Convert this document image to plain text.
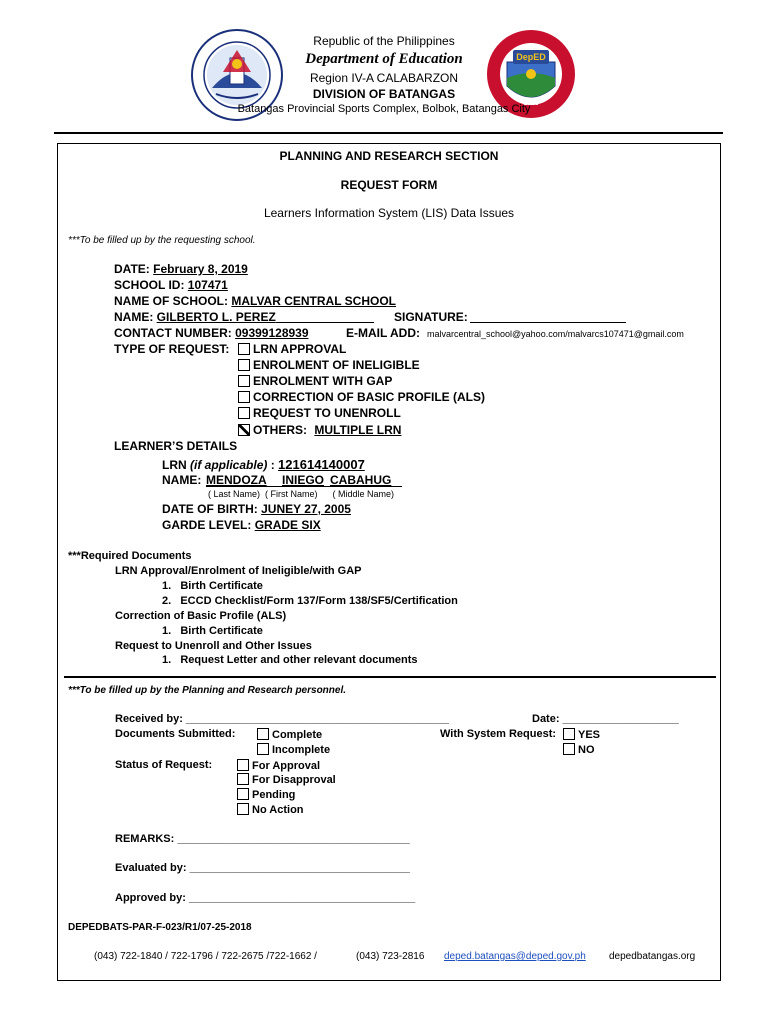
DepED
1925
Republic of the Philippines
Department of Education
Region IV-A CALABARZON
DIVISION OF BATANGAS
Batangas Provincial Sports Complex, Bolbok, Batangas City
PLANNING AND RESEARCH SECTION
REQUEST FORM
Learners Information System (LIS) Data Issues
***To be filled up by the requesting school.
DATE: February 8, 2019
SCHOOL ID: 107471
NAME OF SCHOOL: MALVAR CENTRAL SCHOOL
NAME: GILBERTO L. PEREZ	SIGNATURE:
CONTACT NUMBER: 09399128939	E-MAIL ADD: malvarcentral_school@yahoo.com/malvarcs107471@gmail.com
TYPE OF REQUEST:	LRN APPROVAL
ENROLMENT OF INELIGIBLE
ENROLMENT WITH GAP
CORRECTION OF BASIC PROFILE (ALS)
REQUEST TO UNENROLL
OTHERS: MULTIPLE LRN
LEARNER’S DETAILS
LRN (if applicable) : 121614140007
NAME: MENDOZA INIEGO CABAHUG
( Last Name)  ( First Name)      ( Middle Name)
DATE OF BIRTH: JUNEY 27, 2005
GARDE LEVEL: GRADE SIX
***Required Documents
LRN Approval/Enrolment of Ineligible/with GAP
1.   Birth Certificate
2.   ECCD Checklist/Form 137/Form 138/SF5/Certification
Correction of Basic Profile (ALS)
1.   Birth Certificate
Request to Unenroll and Other Issues
1.   Request Letter and other relevant documents
***To be filled up by the Planning and Research personnel.
Received by: ___________________________________________	Date: ___________________
Documents Submitted:	Complete
Incomplete
With System Request:	YES
NO
Status of Request:	For Approval
For Disapproval
Pending
No Action
REMARKS: ______________________________________
Evaluated by: ____________________________________
Approved by: _____________________________________
DEPEDBATS-PAR-F-023/R1/07-25-2018
(043) 722-1840 / 722-1796 / 722-2675 /722-1662 /	(043) 723-2816 deped.batangas@deped.gov.ph depedbatangas.org
